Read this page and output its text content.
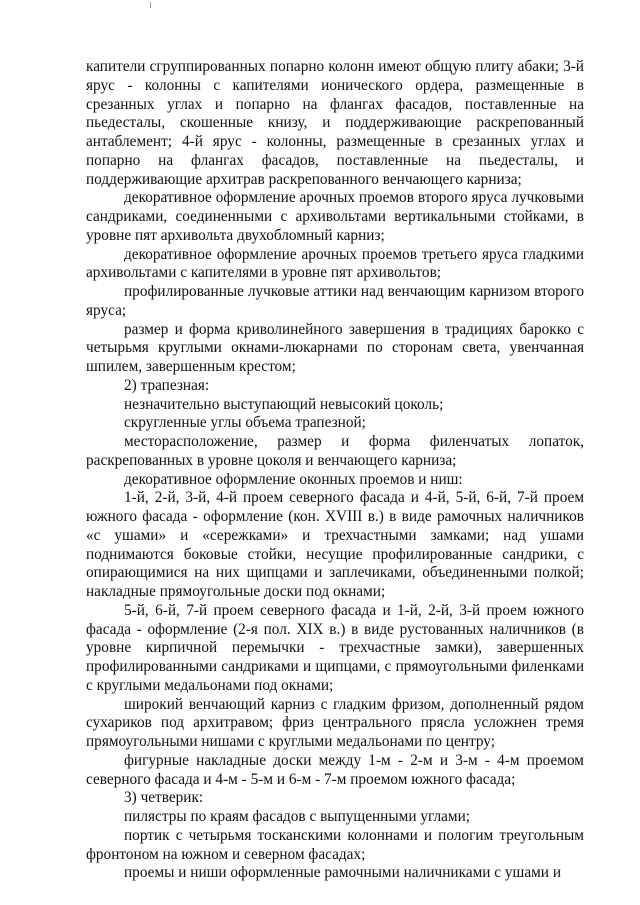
капители сгруппированных попарно колонн имеют общую плиту абаки; 3-й ярус - колонны с капителями ионического ордера, размещенные в срезанных углах и попарно на флангах фасадов, поставленные на пьедесталы, скошенные книзу, и поддерживающие раскрепованный антаблемент; 4-й ярус - колонны, размещенные в срезанных углах и попарно на флангах фасадов, поставленные на пьедесталы, и поддерживающие архитрав раскрепованного венчающего карниза;

декоративное оформление арочных проемов второго яруса лучковыми сандриками, соединенными с архивольтами вертикальными стойками, в уровне пят архивольта двухобломный карниз;

декоративное оформление арочных проемов третьего яруса гладкими архивольтами с капителями в уровне пят архивольтов;

профилированные лучковые аттики над венчающим карнизом второго яруса;

размер и форма криволинейного завершения в традициях барокко с четырьмя круглыми окнами-люкарнами по сторонам света, увенчанная шпилем, завершенным крестом;

2) трапезная:

незначительно выступающий невысокий цоколь;

скругленные углы объема трапезной;

месторасположение, размер и форма филенчатых лопаток, раскрепованных в уровне цоколя и венчающего карниза;

декоративное оформление оконных проемов и ниш:

1-й, 2-й, 3-й, 4-й проем северного фасада и 4-й, 5-й, 6-й, 7-й проем южного фасада - оформление (кон. XVIII в.) в виде рамочных наличников «с ушами» и «сережками» и трехчастными замками; над ушами поднимаются боковые стойки, несущие профилированные сандрики, с опирающимися на них щипцами и заплечиками, объединенными полкой; накладные прямоугольные доски под окнами;

5-й, 6-й, 7-й проем северного фасада и 1-й, 2-й, 3-й проем южного фасада - оформление (2-я пол. XIX в.) в виде рустованных наличников (в уровне кирпичной перемычки - трехчастные замки), завершенных профилированными сандриками и щипцами, с прямоугольными филенками с круглыми медальонами под окнами;

широкий венчающий карниз с гладким фризом, дополненный рядом сухариков под архитравом; фриз центрального прясла усложнен тремя прямоугольными нишами с круглыми медальонами по центру;

фигурные накладные доски между 1-м - 2-м и 3-м - 4-м проемом северного фасада и 4-м - 5-м и 6-м - 7-м проемом южного фасада;

3) четверик:

пилястры по краям фасадов с выпущенными углами;

портик с четырьмя тосканскими колоннами и пологим треугольным фронтоном на южном и северном фасадах;

проемы и ниши оформленные рамочными наличниками с ушами и
